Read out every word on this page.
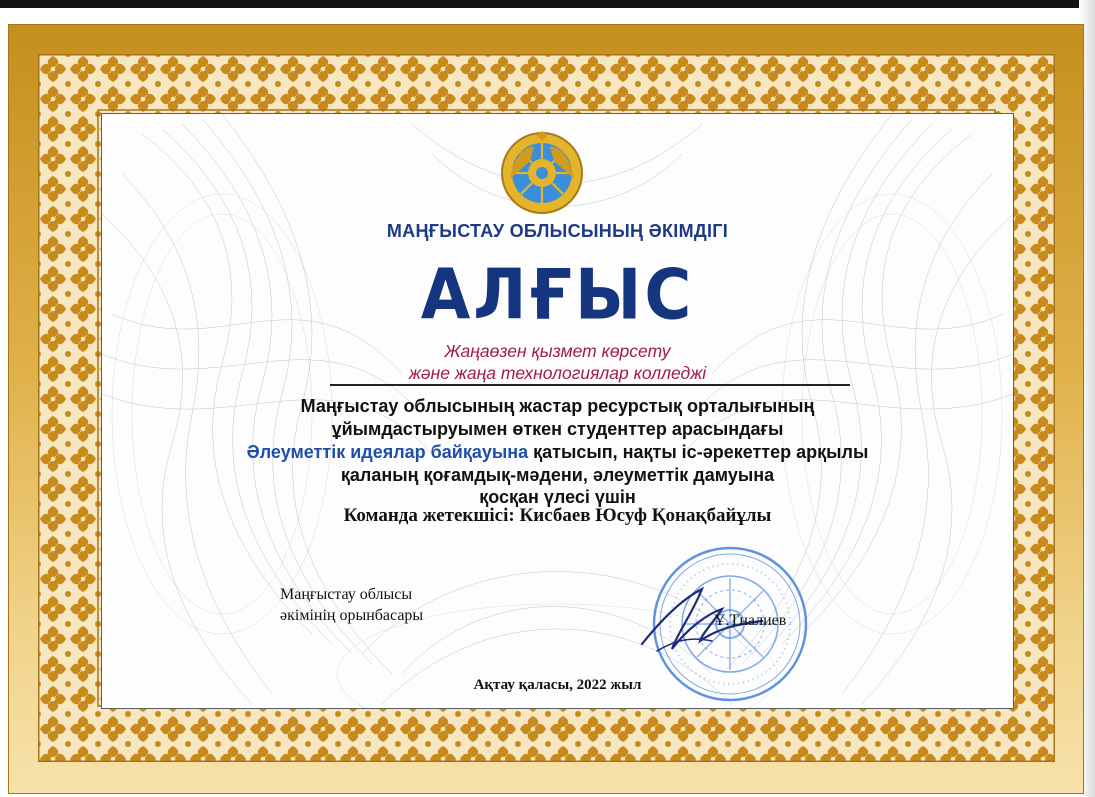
МАҢҒЫСТАУ ОБЛЫСЫНЫҢ ӘКІМДІГІ
АЛҒЫС
Жаңаөзен қызмет көрсету
және жаңа технологиялар колледжі
Маңғыстау облысының жастар ресурстық орталығының
ұйымдастыруымен өткен студенттер арасындағы
Әлеуметтік идеялар байқауына қатысып, нақты іс-әрекеттер арқылы
қаланың қоғамдық-мәдени, әлеуметтік дамуына
қосқан үлесі үшін
Команда жетекшісі: Кисбаев Юсуф Қонақбайұлы
Маңғыстау облысы
әкімінің орынбасары	Ұ.Тналиев
Ақтау қаласы, 2022 жыл
